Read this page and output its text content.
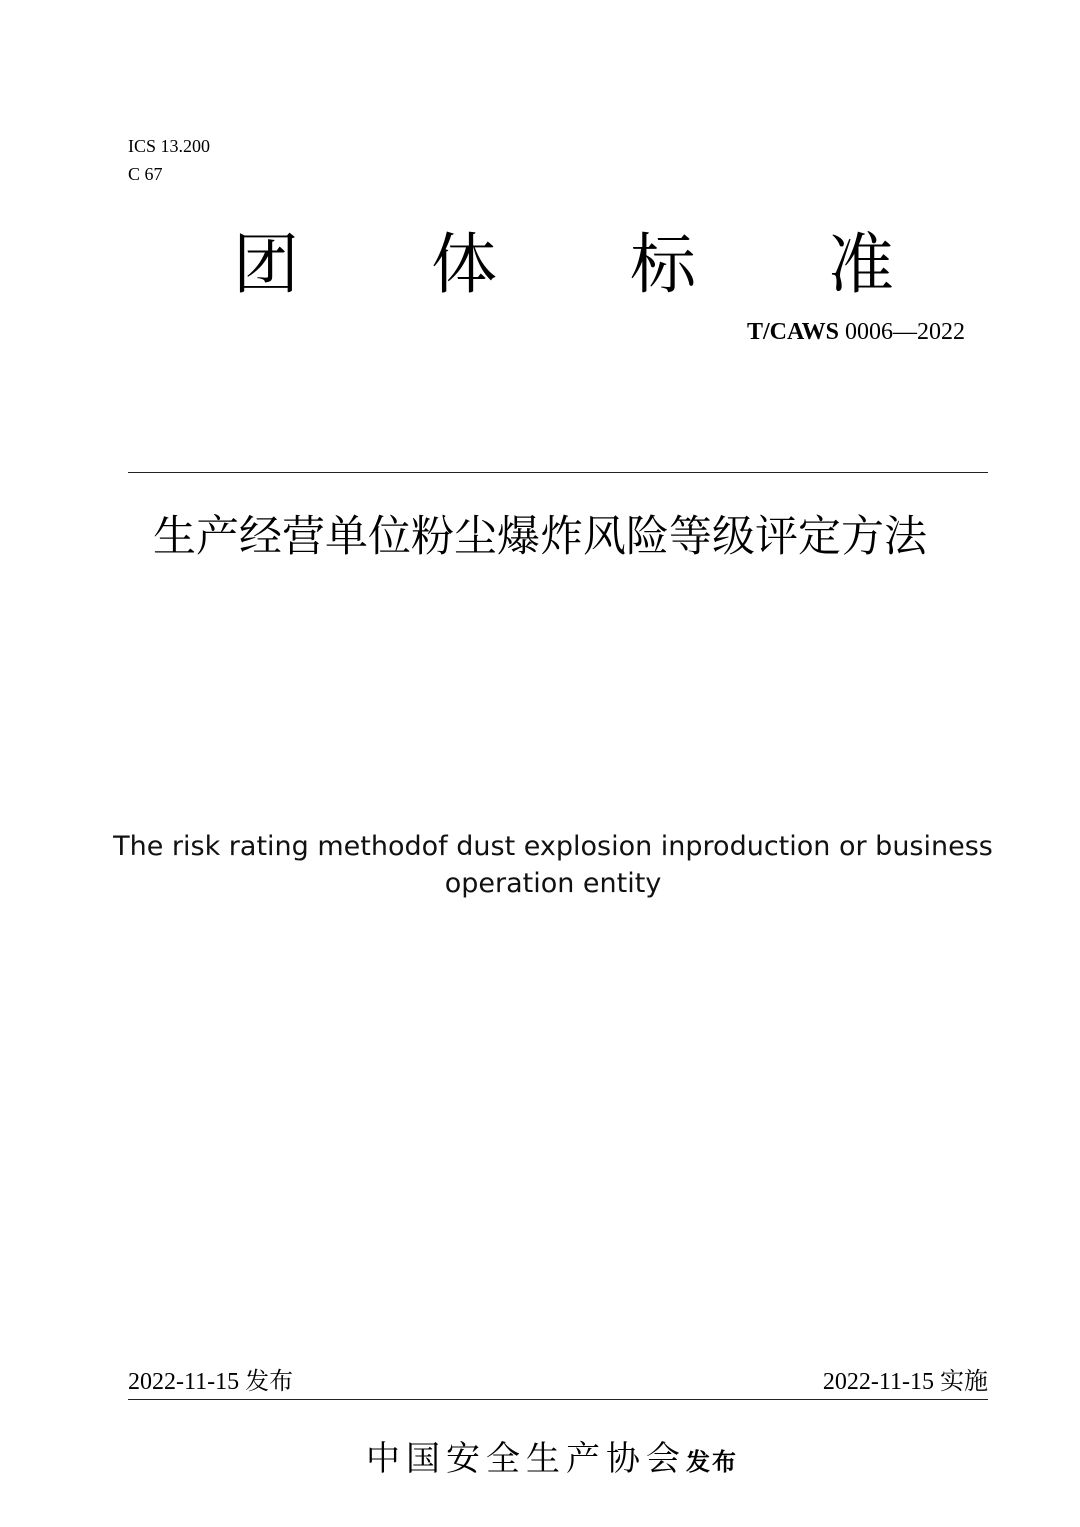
ICS 13.200
C 67
团 体 标 准
T/CAWS 0006—2022
生产经营单位粉尘爆炸风险等级评定方法
The risk rating methodof dust explosion inproduction or business
operation entity
2022-11-15 发布	2022-11-15 实施
中国安全生产协会发布
